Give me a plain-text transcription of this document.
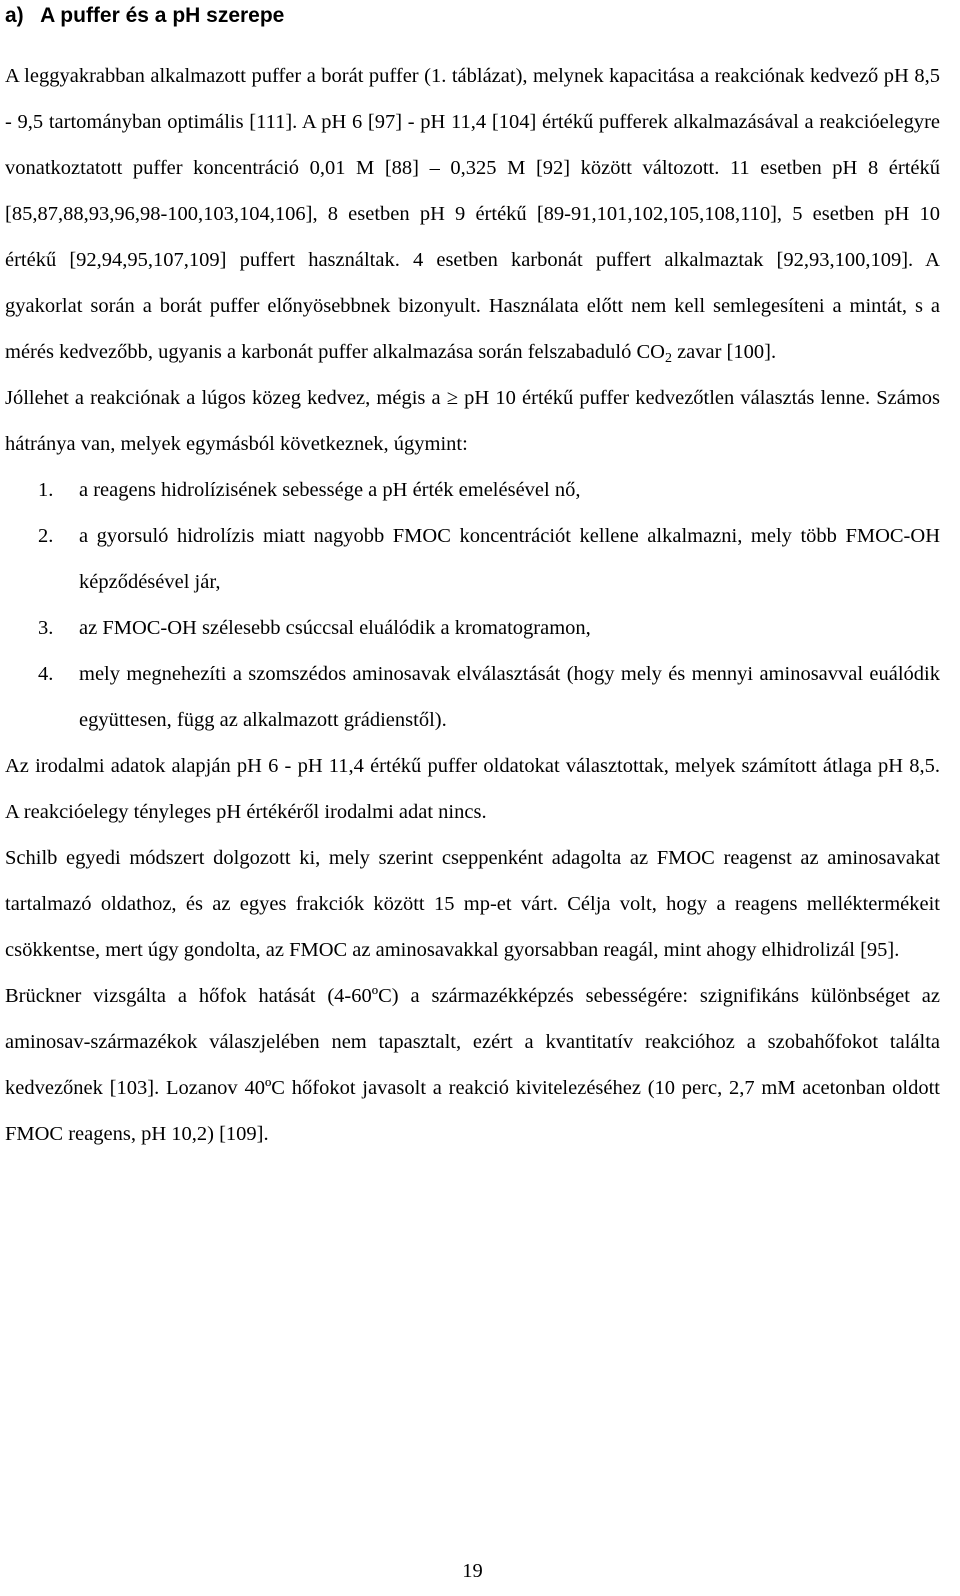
a) A puffer és a pH szerepe

A leggyakrabban alkalmazott puffer a borát puffer (1. táblázat), melynek kapacitása a reakciónak kedvező pH 8,5 - 9,5 tartományban optimális [111]. A pH 6 [97] - pH 11,4 [104] értékű pufferek alkalmazásával a reakcióelegyre vonatkoztatott puffer koncentráció 0,01 M [88] – 0,325 M [92] között változott. 11 esetben pH 8 értékű [85,87,88,93,96,98-100,103,104,106], 8 esetben pH 9 értékű [89-91,101,102,105,108,110], 5 esetben pH 10 értékű [92,94,95,107,109] puffert használtak. 4 esetben karbonát puffert alkalmaztak [92,93,100,109]. A gyakorlat során a borát puffer előnyösebbnek bizonyult. Használata előtt nem kell semlegesíteni a mintát, s a mérés kedvezőbb, ugyanis a karbonát puffer alkalmazása során felszabaduló $CO_2$ zavar [100].

Jóllehet a reakciónak a lúgos közeg kedvez, mégis a ≥ pH 10 értékű puffer kedvezőtlen választás lenne. Számos hátránya van, melyek egymásból következnek, úgymint:

1. a reagens hidrolízisének sebessége a pH érték emelésével nő,
2. a gyorsuló hidrolízis miatt nagyobb FMOC koncentrációt kellene alkalmazni, mely több FMOC-OH képződésével jár,
3. az FMOC-OH szélesebb csúccsal eluálódik a kromatogramon,
4. mely megnehezíti a szomszédos aminosavak elválasztását (hogy mely és mennyi aminosavval euálódik együttesen, függ az alkalmazott grádienstől).

Az irodalmi adatok alapján pH 6 - pH 11,4 értékű puffer oldatokat választottak, melyek számított átlaga pH 8,5. A reakcióelegy tényleges pH értékéről irodalmi adat nincs.

Schilb egyedi módszert dolgozott ki, mely szerint cseppenként adagolta az FMOC reagenst az aminosavakat tartalmazó oldathoz, és az egyes frakciók között 15 mp-et várt. Célja volt, hogy a reagens melléktermékeit csökkentse, mert úgy gondolta, az FMOC az aminosavakkal gyorsabban reagál, mint ahogy elhidrolizál [95].

Brückner vizsgálta a hőfok hatását (4-60ºC) a származékképzés sebességére: szignifikáns különbséget az aminosav-származékok válaszjelében nem tapasztalt, ezért a kvantitatív reakcióhoz a szobahőfokot találta kedvezőnek [103]. Lozanov 40ºC hőfokot javasolt a reakció kivitelezéséhez (10 perc, 2,7 mM acetonban oldott FMOC reagens, pH 10,2) [109].

19
